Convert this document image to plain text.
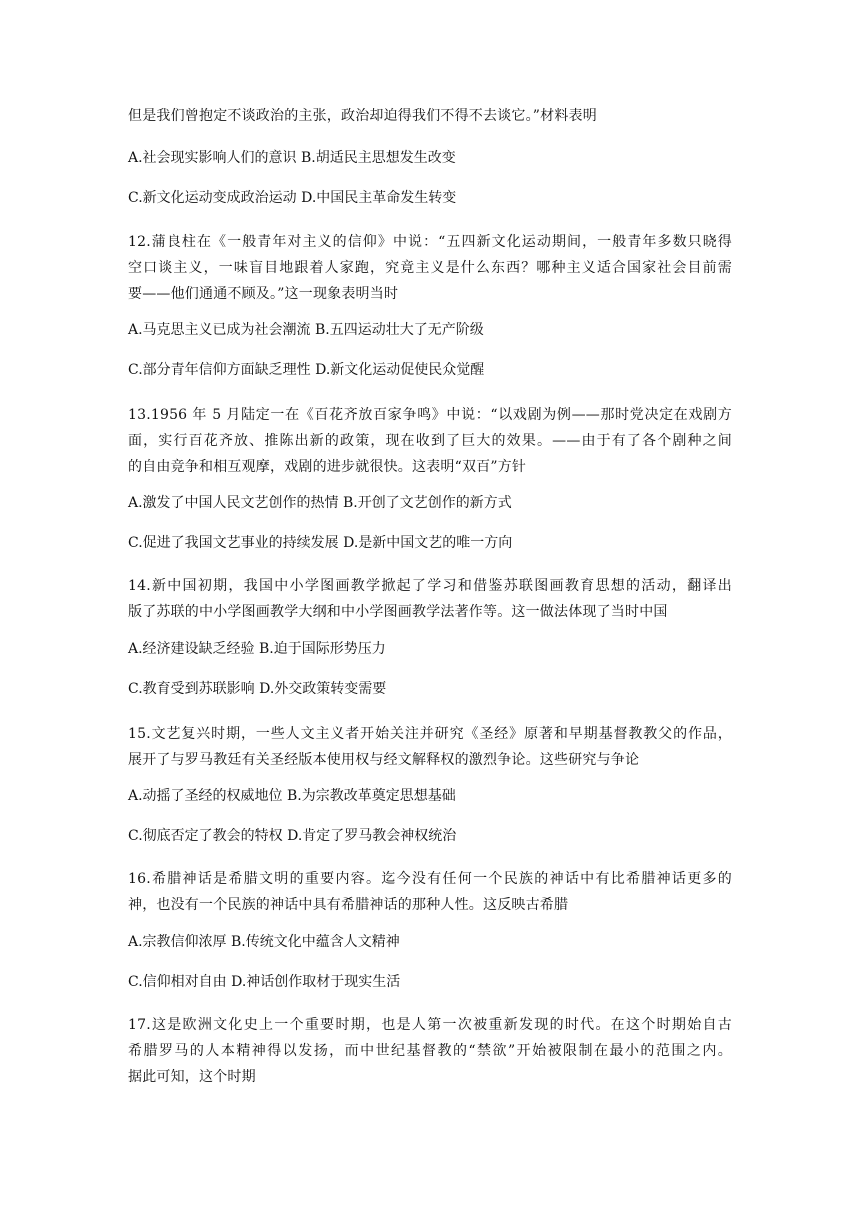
但是我们曾抱定不谈政治的主张，政治却迫得我们不得不去谈它。”材料表明
A.社会现实影响人们的意识 B.胡适民主思想发生改变
C.新文化运动变成政治运动 D.中国民主革命发生转变
12.蒲良柱在《一般青年对主义的信仰》中说：“五四新文化运动期间，一般青年多数只晓得
空口谈主义，一味盲目地跟着人家跑，究竟主义是什么东西？哪种主义适合国家社会目前需
要——他们通通不顾及。”这一现象表明当时
A.马克思主义已成为社会潮流 B.五四运动壮大了无产阶级
C.部分青年信仰方面缺乏理性 D.新文化运动促使民众觉醒
13.1956 年 5 月陆定一在《百花齐放百家争鸣》中说：“以戏剧为例——那时党决定在戏剧方
面，实行百花齐放、推陈出新的政策，现在收到了巨大的效果。——由于有了各个剧种之间
的自由竞争和相互观摩，戏剧的进步就很快。这表明“双百”方针
A.激发了中国人民文艺创作的热情 B.开创了文艺创作的新方式
C.促进了我国文艺事业的持续发展 D.是新中国文艺的唯一方向
14.新中国初期，我国中小学图画教学掀起了学习和借鉴苏联图画教育思想的活动，翻译出
版了苏联的中小学图画教学大纲和中小学图画教学法著作等。这一做法体现了当时中国
A.经济建设缺乏经验 B.迫于国际形势压力
C.教育受到苏联影响 D.外交政策转变需要
15.文艺复兴时期，一些人文主义者开始关注并研究《圣经》原著和早期基督教教父的作品，
展开了与罗马教廷有关圣经版本使用权与经文解释权的激烈争论。这些研究与争论
A.动摇了圣经的权威地位 B.为宗教改革奠定思想基础
C.彻底否定了教会的特权 D.肯定了罗马教会神权统治
16.希腊神话是希腊文明的重要内容。迄今没有任何一个民族的神话中有比希腊神话更多的
神，也没有一个民族的神话中具有希腊神话的那种人性。这反映古希腊
A.宗教信仰浓厚 B.传统文化中蕴含人文精神
C.信仰相对自由 D.神话创作取材于现实生活
17.这是欧洲文化史上一个重要时期，也是人第一次被重新发现的时代。在这个时期始自古
希腊罗马的人本精神得以发扬，而中世纪基督教的“禁欲”开始被限制在最小的范围之内。
据此可知，这个时期
